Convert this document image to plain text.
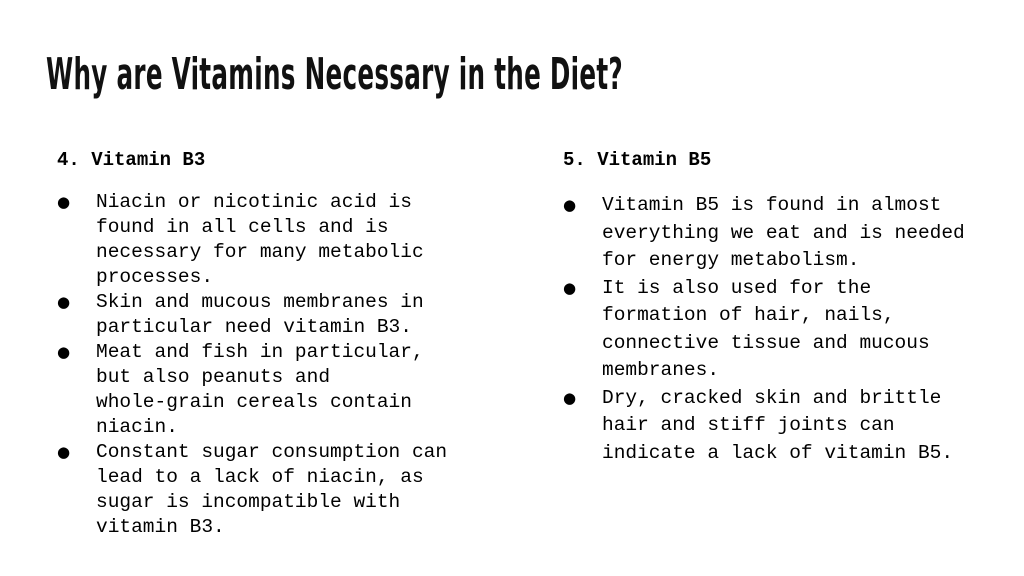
Why are Vitamins Necessary in the Diet?
4. Vitamin B3
● Niacin or nicotinic acid is
found in all cells and is
necessary for many metabolic
processes.
● Skin and mucous membranes in
particular need vitamin B3.
● Meat and fish in particular,
but also peanuts and
whole-grain cereals contain
niacin.
● Constant sugar consumption can
lead to a lack of niacin, as
sugar is incompatible with
vitamin B3.
5. Vitamin B5
● Vitamin B5 is found in almost
everything we eat and is needed
for energy metabolism.
● It is also used for the
formation of hair, nails,
connective tissue and mucous
membranes.
● Dry, cracked skin and brittle
hair and stiff joints can
indicate a lack of vitamin B5.
